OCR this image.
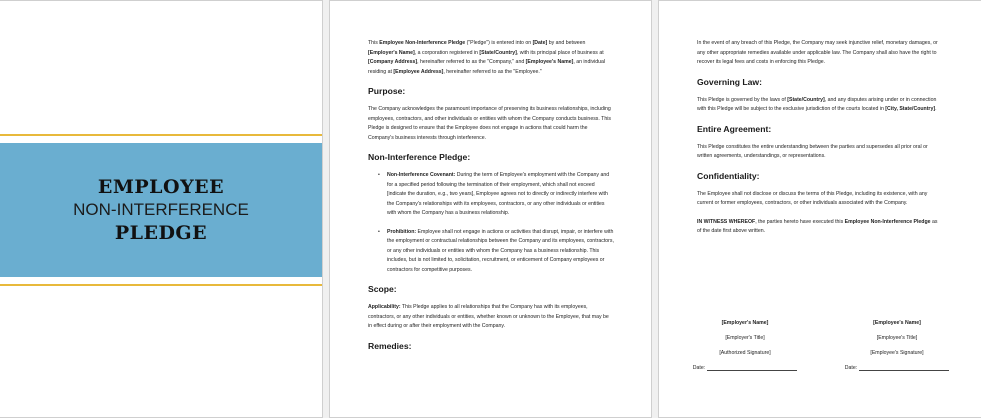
EMPLOYEE
NON-INTERFERENCE
PLEDGE

This Employee Non-Interference Pledge ("Pledge") is entered into on [Date] by and between [Employer's Name], a corporation registered in [State/Country], with its principal place of business at [Company Address], hereinafter referred to as the "Company," and [Employee's Name], an individual residing at [Employee Address], hereinafter referred to as the "Employee."

Purpose:

The Company acknowledges the paramount importance of preserving its business relationships, including employees, contractors, and other individuals or entities with whom the Company conducts business. This Pledge is designed to ensure that the Employee does not engage in actions that could harm the Company's business interests through interference.

Non-Interference Pledge:
• Non-Interference Covenant: During the term of Employee's employment with the Company and for a specified period following the termination of their employment, which shall not exceed [indicate the duration, e.g., two years], Employee agrees not to directly or indirectly interfere with the Company's relationships with its employees, contractors, or any other individuals or entities with whom the Company has a business relationship.
• Prohibition: Employee shall not engage in actions or activities that disrupt, impair, or interfere with the employment or contractual relationships between the Company and its employees, contractors, or any other individuals or entities with whom the Company has a business relationship. This includes, but is not limited to, solicitation, recruitment, or enticement of Company employees or contractors for competitive purposes.
Scope:

Applicability: This Pledge applies to all relationships that the Company has with its employees, contractors, or any other individuals or entities, whether known or unknown to the Employee, that may be in effect during or after their employment with the Company.

Remedies:

In the event of any breach of this Pledge, the Company may seek injunctive relief, monetary damages, or any other appropriate remedies available under applicable law. The Company shall also have the right to recover its legal fees and costs in enforcing this Pledge.

Governing Law:

This Pledge is governed by the laws of [State/Country], and any disputes arising under or in connection with this Pledge will be subject to the exclusive jurisdiction of the courts located in [City, State/Country].

Entire Agreement:

This Pledge constitutes the entire understanding between the parties and supersedes all prior oral or written agreements, understandings, or representations.

Confidentiality:

The Employee shall not disclose or discuss the terms of this Pledge, including its existence, with any current or former employees, contractors, or other individuals associated with the Company.

IN WITNESS WHEREOF, the parties hereto have executed this Employee Non-Interference Pledge as of the date first above written.

[Employer's Name]
[Employer's Title]
[Authorized Signature]
Date:
[Employee's Name]
[Employee's Title]
[Employee's Signature]
Date:
